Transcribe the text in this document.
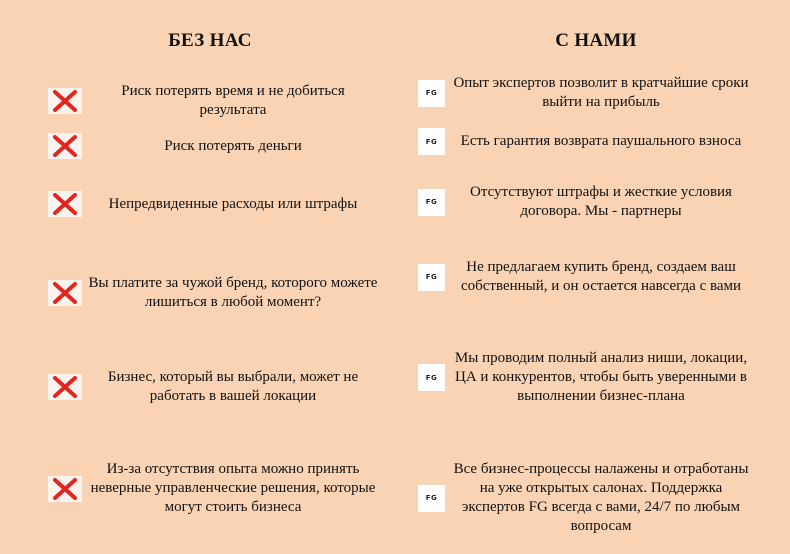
БЕЗ НАС	С НАМИ
Риск потерять время и не добиться результата
Риск потерять деньги
Непредвиденные расходы или штрафы
Вы платите за чужой бренд, которого можете лишиться в любой момент?
Бизнес, который вы выбрали, может не работать в вашей локации
Из-за отсутствия опыта можно принять неверные управленческие решения, которые могут стоить бизнеса
FG
Опыт экспертов позволит в кратчайшие сроки выйти на прибыль
FG	Есть гарантия возврата паушального взноса
FG
Отсутствуют штрафы и жесткие условия договора. Мы - партнеры
FG
Не предлагаем купить бренд, создаем ваш собственный, и он остается навсегда с вами
FG
Мы проводим полный анализ ниши, локации, ЦА и конкурентов, чтобы быть уверенными в выполнении бизнес-плана
FG
Все бизнес-процессы налажены и отработаны на уже открытых салонах. Поддержка экспертов FG всегда с вами, 24/7 по любым вопросам
